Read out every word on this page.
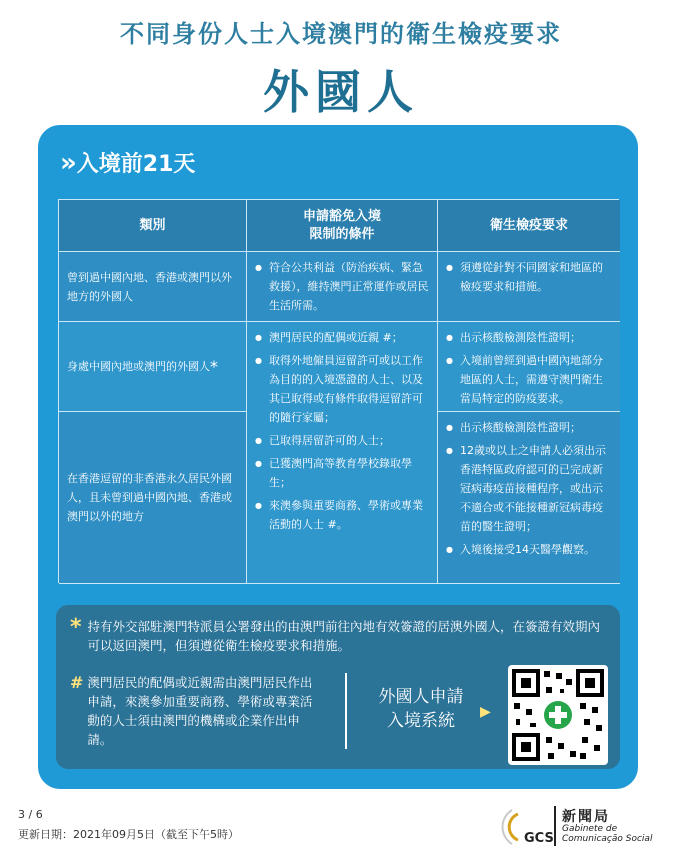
不同身份人士入境澳門的衛生檢疫要求
外國人
» 入境前21天
類別
申請豁免入境
限制的條件
衛生檢疫要求
曾到過中國內地、香港或澳門以外地方的外國人
● 符合公共利益（防治疾病、緊急救援），維持澳門正常運作或居民生活所需。
● 須遵從針對不同國家和地區的檢疫要求和措施。
身處中國內地或澳門的外國人 *
● 澳門居民的配偶或近親 #；
● 取得外地僱員逗留許可或以工作為目的的入境憑證的人士、以及其已取得或有條件取得逗留許可的隨行家屬；
● 已取得居留許可的人士；
● 已獲澳門高等教育學校錄取學生；
● 來澳參與重要商務、學術或專業活動的人士 #。
● 出示核酸檢測陰性證明；
● 入境前曾經到過中國內地部分地區的人士，需遵守澳門衛生當局特定的防疫要求。
在香港逗留的非香港永久居民外國人，且未曾到過中國內地、香港或澳門以外的地方
● 出示核酸檢測陰性證明；
● 12歲或以上之申請人必須出示香港特區政府認可的已完成新冠病毒疫苗接種程序，或出示不適合或不能接種新冠病毒疫苗的醫生證明；
● 入境後接受14天醫學觀察。
* 持有外交部駐澳門特派員公署發出的由澳門前往內地有效簽證的居澳外國人，在簽證有效期內可以返回澳門，但須遵從衛生檢疫要求和措施。
# 澳門居民的配偶或近親需由澳門居民作出申請，來澳參加重要商務、學術或專業活動的人士須由澳門的機構或企業作出申請。
外國人申請
入境系統	▶
3 / 6
更新日期：2021年09月5日（截至下午5時）	GCS
新聞局
Gabinete de
Comunicação Social
